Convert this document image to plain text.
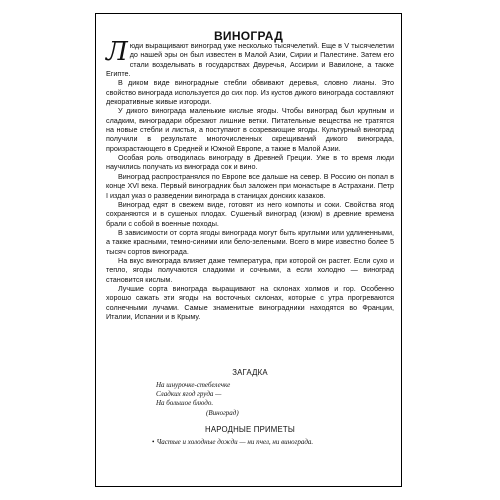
ВИНОГРАД

Люди выращивают виноград уже несколько тысячелетий. Еще в V тысячелетии до нашей эры он был известен в Малой Азии, Сирии и Палестине. Затем его стали возделывать в государствах Двуречья, Ассирии и Вавилоне, а также Египте.

В диком виде виноградные стебли обвивают деревья, словно лианы. Это свойство винограда используется до сих пор. Из кустов дикого винограда составляют декоративные живые изгороди.

У дикого винограда маленькие кислые ягоды. Чтобы виноград был крупным и сладким, виноградари обрезают лишние ветки. Питательные вещества не тратятся на новые стебли и листья, а поступают в созревающие ягоды. Культурный виноград получили в результате многочисленных скрещиваний дикого винограда, произрастающего в Средней и Южной Европе, а также в Малой Азии.

Особая роль отводилась винограду в Древней Греции. Уже в то время люди научились получать из винограда сок и вино.

Виноград распространялся по Европе все дальше на север. В Россию он попал в конце XVI века. Первый виноградник был заложен при монастыре в Астрахани. Петр I издал указ о разведении винограда в станицах донских казаков.

Виноград едят в свежем виде, готовят из него компоты и соки. Свойства ягод сохраняются и в сушеных плодах. Сушеный виноград (изюм) в древние времена брали с собой в военные походы.

В зависимости от сорта ягоды винограда могут быть круглыми или удлиненными, а также красными, темно-синими или бело-зелеными. Всего в мире известно более 5 тысяч сортов винограда.

На вкус винограда влияет даже температура, при которой он растет. Если сухо и тепло, ягоды получаются сладкими и сочными, а если холодно — виноград становится кислым.

Лучшие сорта винограда выращивают на склонах холмов и гор. Особенно хорошо сажать эти ягоды на восточных склонах, которые с утра прогреваются солнечными лучами. Самые знаменитые виноградники находятся во Франции, Италии, Испании и в Крыму.

ЗАГАДКА
На шнурочке-стебелечке
Сладких ягод груда —
На большое блюдо.
(Виноград)
НАРОДНЫЕ ПРИМЕТЫ
• Частые и холодные дожди — ни пчел, ни винограда.
